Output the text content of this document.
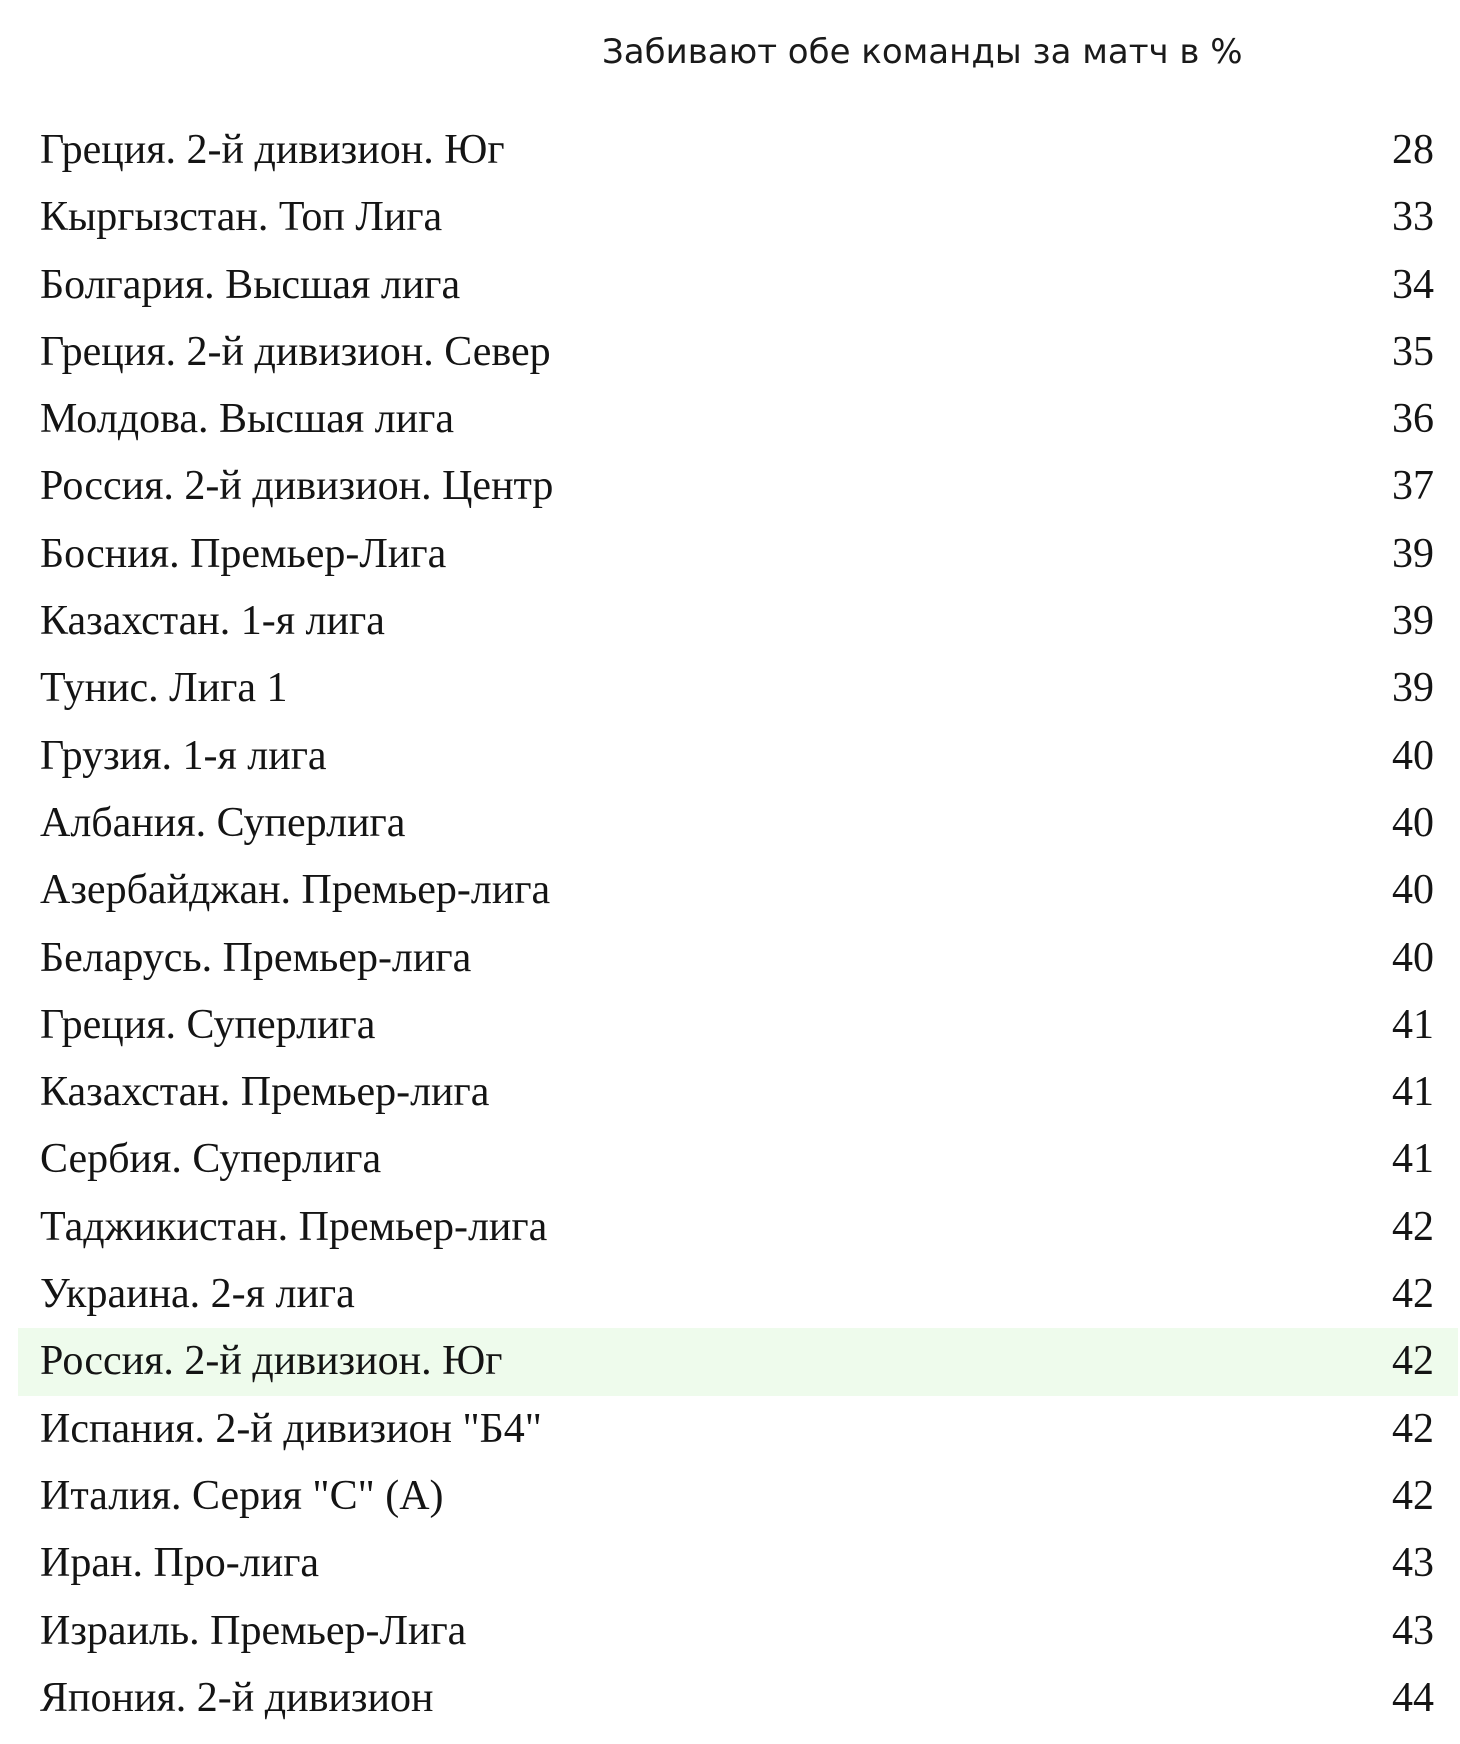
Забивают обе команды за матч в %
Греция. 2-й дивизион. Юг	28
Кыргызстан. Топ Лига	33
Болгария. Высшая лига	34
Греция. 2-й дивизион. Север	35
Молдова. Высшая лига	36
Россия. 2-й дивизион. Центр	37
Босния. Премьер-Лига	39
Казахстан. 1-я лига	39
Тунис. Лига 1	39
Грузия. 1-я лига	40
Албания. Суперлига	40
Азербайджан. Премьер-лига	40
Беларусь. Премьер-лига	40
Греция. Суперлига	41
Казахстан. Премьер-лига	41
Сербия. Суперлига	41
Таджикистан. Премьер-лига	42
Украина. 2-я лига	42
Россия. 2-й дивизион. Юг	42
Испания. 2-й дивизион "Б4"	42
Италия. Серия "С" (А)	42
Иран. Про-лига	43
Израиль. Премьер-Лига	43
Япония. 2-й дивизион	44
